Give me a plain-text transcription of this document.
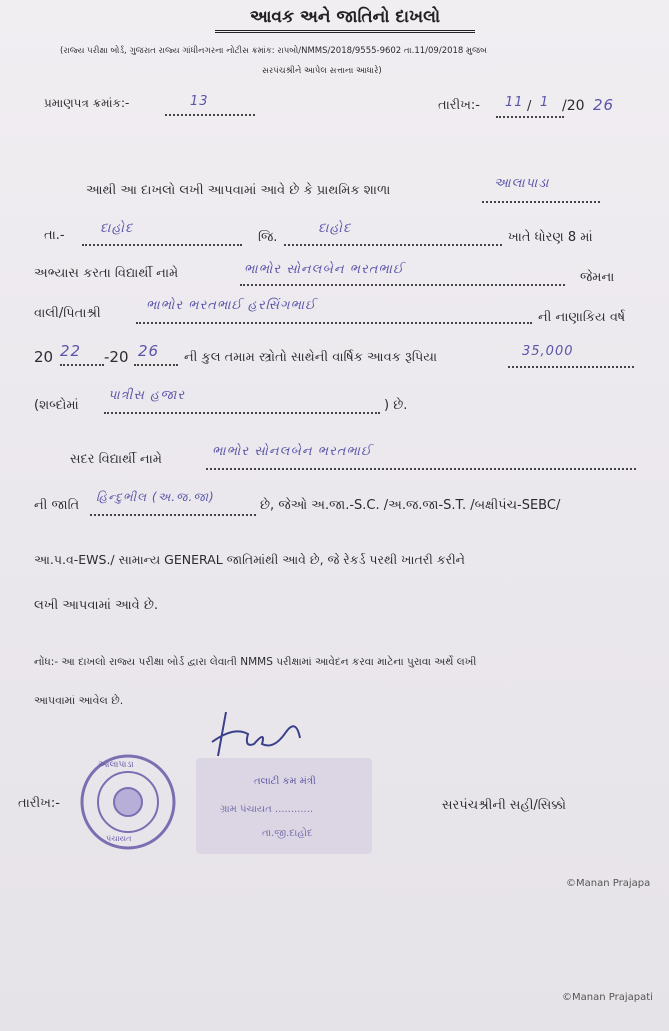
આવક અને જાતિનો દાખલો
(રાજ્ય પરીક્ષા બોર્ડ, ગુજરાત રાજ્ય ગાંધીનગરના નોટીસ ક્રમાંક: રાપબો/NMMS/2018/9555-9602 તા.11/09/2018 મુજબ
સરપંચશ્રીને આપેલ સત્તાના આધારે)
પ્રમાણપત્ર ક્રમાંક:-	13	તારીખ:- 11 / 1 /20 26
આથી આ દાખલો લખી આપવામાં આવે છે કે પ્રાથમિક શાળા	આલાપાડા
તા.-	દાહોદ
જિ.
દાહોદ
ખાતે ધોરણ 8 માં
અભ્યાસ કરતા વિદ્યાર્થી નામે	ભાભોર સોનલબેન ભરતભાઈ
જેમના
વાલી/પિતાશ્રી
ભાભોર ભરતભાઈ હરસિંગભાઈ
ની નાણાકિય વર્ષ
20 22 -20 26 ની કુલ તમામ સ્ત્રોતો સાથેની વાર્ષિક આવક રૂપિયા	35,000
(શબ્દોમાં
પાત્રીસ હજાર
) છે.
સદર વિદ્યાર્થી નામે
ભાભોર સોનલબેન ભરતભાઈ
ની જાતિ
હિન્દુભીલ (અ.જ.જા)
છે, જેઓ અ.જા.-S.C. /અ.જ.જા-S.T. /બક્ષીપંચ-SEBC/
આ.પ.વ-EWS./ સામાન્ય GENERAL જાતિમાંથી આવે છે, જે રેકર્ડ પરથી ખાતરી કરીને
લખી આપવામાં આવે છે.
નોંધ:- આ દાખલો રાજ્ય પરીક્ષા બોર્ડ દ્વારા લેવાતી NMMS પરીક્ષામાં આવેદન કરવા માટેના પુરાવા અર્થે લખી
આપવામાં આવેલ છે.
તારીખ:-
આલાપાડા
પંચાયત
તલાટી કમ મંત્રી
ગ્રામ પંચાયત ............
તા.જી.દાહોદ
સરપંચશ્રીની સહી/સિક્કો
©Manan Prajapa
©Manan Prajapati
